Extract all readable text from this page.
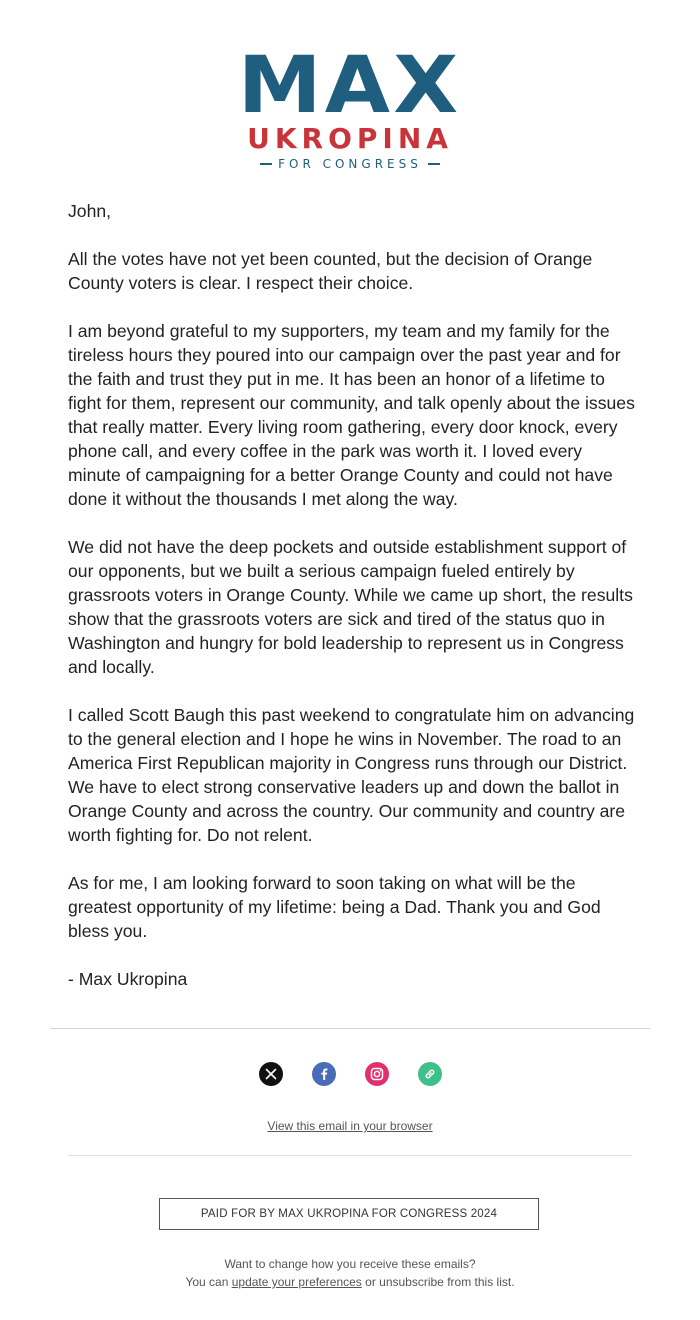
MAX
UKROPINA
FOR CONGRESS

John,

All the votes have not yet been counted, but the decision of Orange County voters is clear. I respect their choice.

I am beyond grateful to my supporters, my team and my family for the tireless hours they poured into our campaign over the past year and for the faith and trust they put in me. It has been an honor of a lifetime to fight for them, represent our community, and talk openly about the issues that really matter. Every living room gathering, every door knock, every phone call, and every coffee in the park was worth it. I loved every minute of campaigning for a better Orange County and could not have done it without the thousands I met along the way.

We did not have the deep pockets and outside establishment support of our opponents, but we built a serious campaign fueled entirely by grassroots voters in Orange County. While we came up short, the results show that the grassroots voters are sick and tired of the status quo in Washington and hungry for bold leadership to represent us in Congress and locally.

I called Scott Baugh this past weekend to congratulate him on advancing to the general election and I hope he wins in November. The road to an America First Republican majority in Congress runs through our District. We have to elect strong conservative leaders up and down the ballot in Orange County and across the country. Our community and country are worth fighting for. Do not relent.

As for me, I am looking forward to soon taking on what will be the greatest opportunity of my lifetime: being a Dad. Thank you and God bless you.

- Max Ukropina

View this email in your browser
PAID FOR BY MAX UKROPINA FOR CONGRESS 2024
Want to change how you receive these emails?
You can update your preferences or unsubscribe from this list.
